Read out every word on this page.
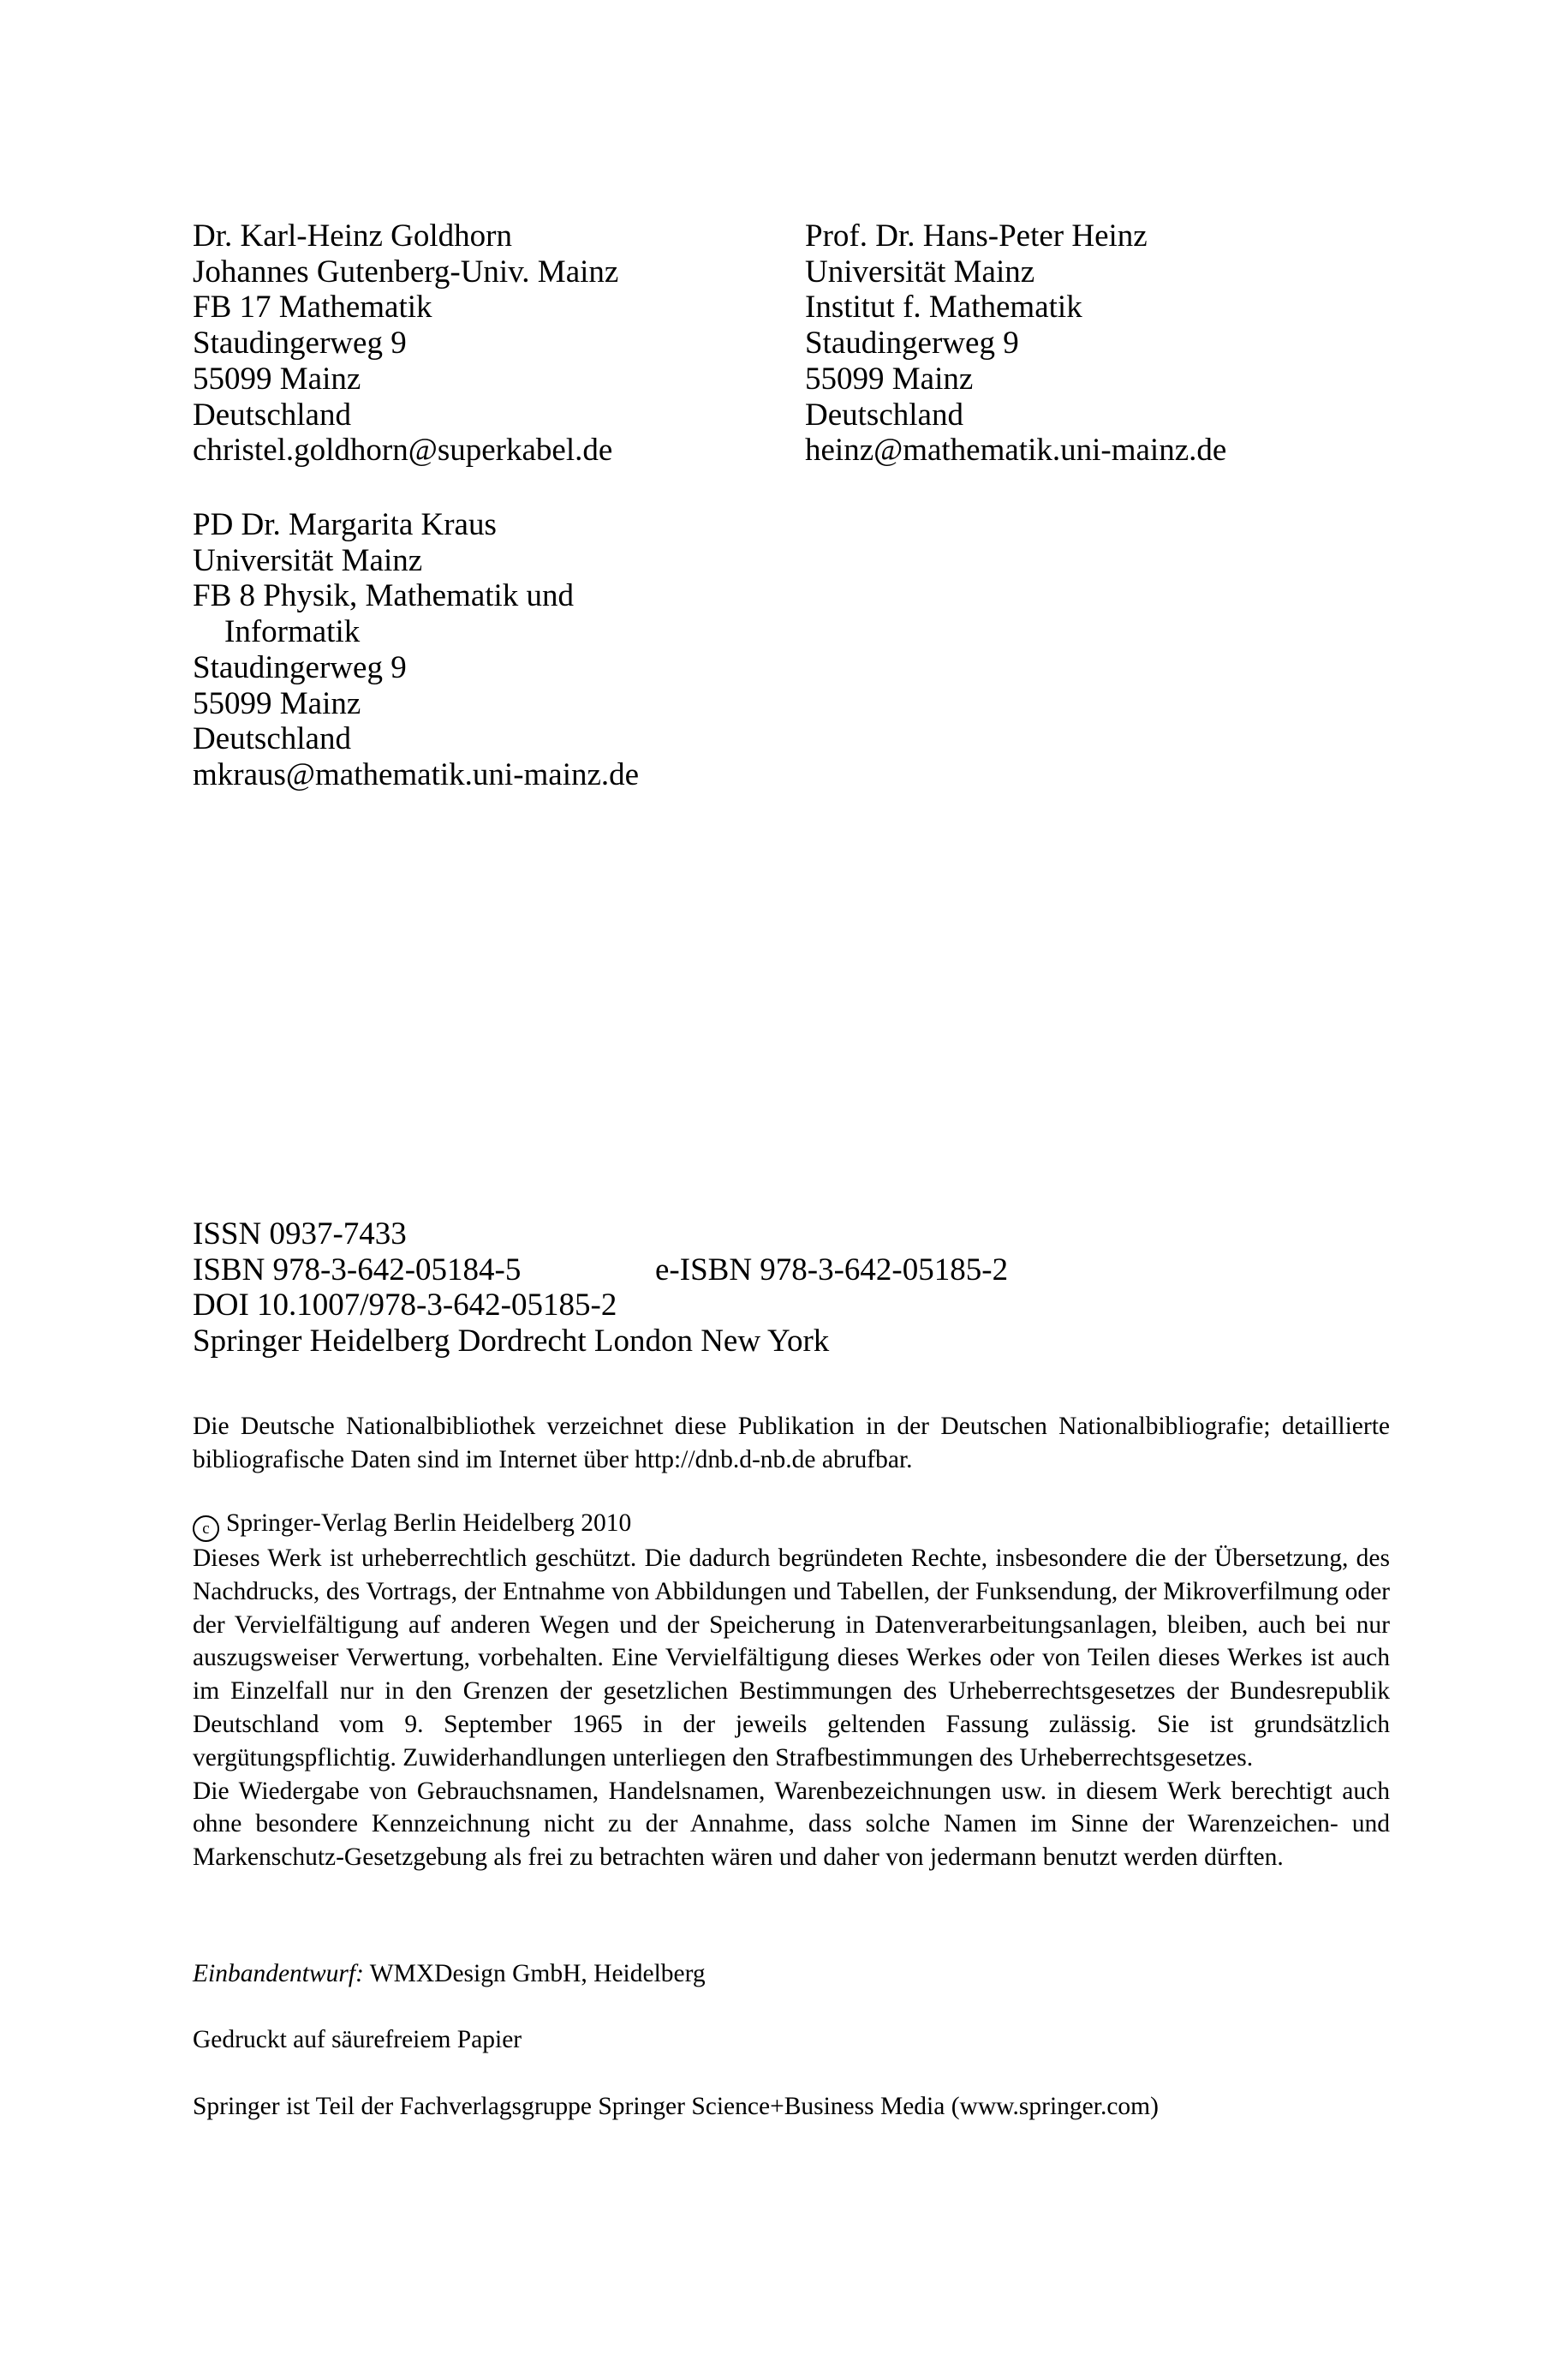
Dr. Karl-Heinz Goldhorn
Johannes Gutenberg-Univ. Mainz
FB 17 Mathematik
Staudingerweg 9
55099 Mainz
Deutschland
christel.goldhorn@superkabel.de
Prof. Dr. Hans-Peter Heinz
Universität Mainz
Institut f. Mathematik
Staudingerweg 9
55099 Mainz
Deutschland
heinz@mathematik.uni-mainz.de
PD Dr. Margarita Kraus
Universität Mainz
FB 8 Physik, Mathematik und
Informatik
Staudingerweg 9
55099 Mainz
Deutschland
mkraus@mathematik.uni-mainz.de
ISSN 0937-7433
ISBN 978-3-642-05184-5	e-ISBN 978-3-642-05185-2
DOI 10.1007/978-3-642-05185-2
Springer Heidelberg Dordrecht London New York

Die Deutsche Nationalbibliothek verzeichnet diese Publikation in der Deutschen Nationalbibliografie; detaillierte bibliografische Daten sind im Internet über http://dnb.d-nb.de abrufbar.

c Springer-Verlag Berlin Heidelberg 2010

Dieses Werk ist urheberrechtlich geschützt. Die dadurch begründeten Rechte, insbesondere die der Übersetzung, des Nachdrucks, des Vortrags, der Entnahme von Abbildungen und Tabellen, der Funksendung, der Mikroverfilmung oder der Vervielfältigung auf anderen Wegen und der Speicherung in Datenverarbeitungsanlagen, bleiben, auch bei nur auszugsweiser Verwertung, vorbehalten. Eine Vervielfältigung dieses Werkes oder von Teilen dieses Werkes ist auch im Einzelfall nur in den Grenzen der gesetzlichen Bestimmungen des Urheberrechtsgesetzes der Bundesrepublik Deutschland vom 9. September 1965 in der jeweils geltenden Fassung zulässig. Sie ist grundsätzlich vergütungspflichtig. Zuwiderhandlungen unterliegen den Strafbestimmungen des Urheberrechtsgesetzes.

Die Wiedergabe von Gebrauchsnamen, Handelsnamen, Warenbezeichnungen usw. in diesem Werk berechtigt auch ohne besondere Kennzeichnung nicht zu der Annahme, dass solche Namen im Sinne der Warenzeichen- und Markenschutz-Gesetzgebung als frei zu betrachten wären und daher von jedermann benutzt werden dürften.

Einbandentwurf: WMXDesign GmbH, Heidelberg

Gedruckt auf säurefreiem Papier

Springer ist Teil der Fachverlagsgruppe Springer Science+Business Media (www.springer.com)
